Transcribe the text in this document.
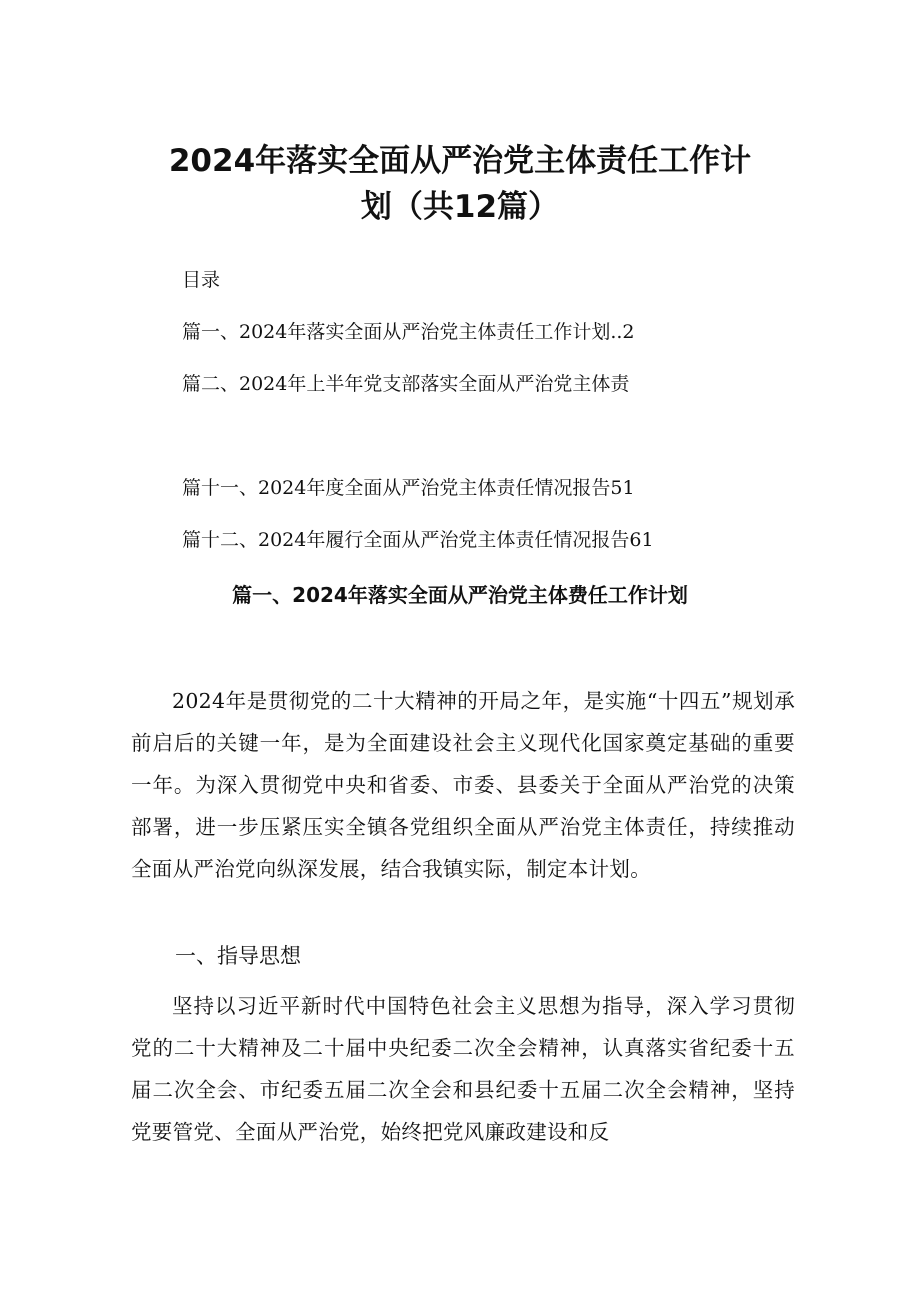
2024年落实全面从严治党主体责任工作计
划（共12篇）
目录
篇一、2024年落实全面从严治党主体责任工作计划..2
篇二、2024年上半年党支部落实全面从严治党主体责
篇十一、2024年度全面从严治党主体责任情况报告51
篇十二、2024年履行全面从严治党主体责任情况报告61
篇一、2024年落实全面从严治党主体费任工作计划

2024年是贯彻党的二十大精神的开局之年，是实施“十四五”规划承前启后的关键一年，是为全面建设社会主义现代化国家奠定基础的重要一年。为深入贯彻党中央和省委、市委、县委关于全面从严治党的决策部署，进一步压紧压实全镇各党组织全面从严治党主体责任，持续推动全面从严治党向纵深发展，结合我镇实际，制定本计划。

一、指导思想

坚持以习近平新时代中国特色社会主义思想为指导，深入学习贯彻党的二十大精神及二十届中央纪委二次全会精神，认真落实省纪委十五届二次全会、市纪委五届二次全会和县纪委十五届二次全会精神，坚持党要管党、全面从严治党，始终把党风廉政建设和反
